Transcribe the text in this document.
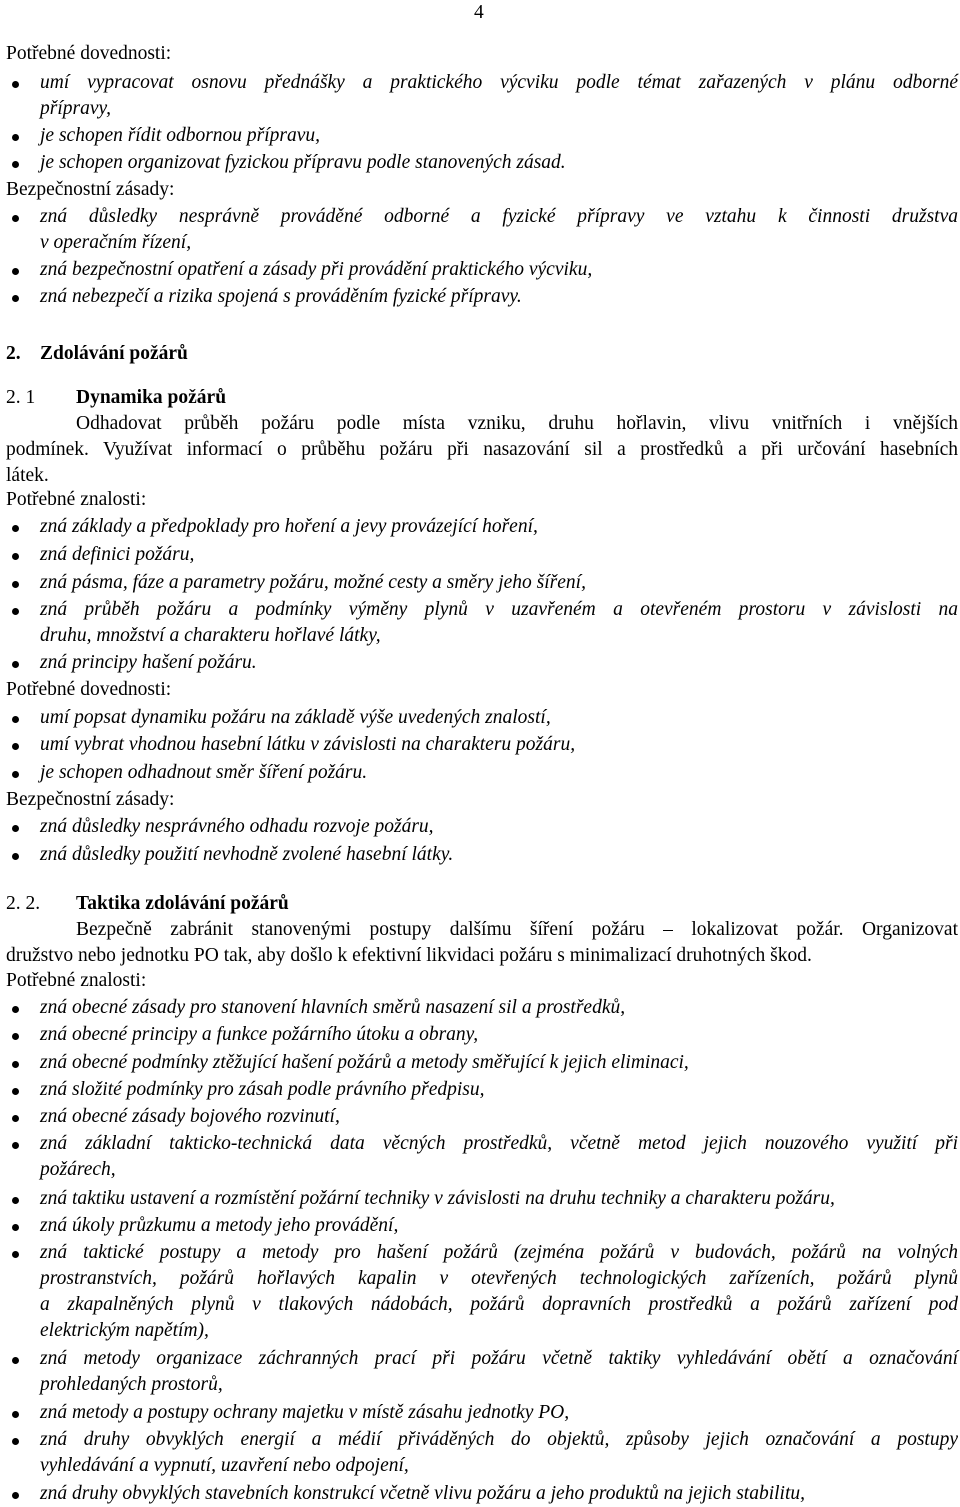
4
Potřebné dovednosti:
umí vypracovat osnovu přednášky a praktického výcviku podle témat zařazených v plánu odborné
přípravy,
je schopen řídit odbornou přípravu,
je schopen organizovat fyzickou přípravu podle stanovených zásad.
Bezpečnostní zásady:
zná důsledky nesprávně prováděné odborné a fyzické přípravy ve vztahu k činnosti družstva
v operačním řízení,
zná bezpečnostní opatření a zásady při provádění praktického výcviku,
zná nebezpečí a rizika spojená s prováděním fyzické přípravy.
2. Zdolávání požárů
2. 1 Dynamika požárů
Odhadovat průběh požáru podle místa vzniku, druhu hořlavin, vlivu vnitřních i vnějších
podmínek. Využívat informací o průběhu požáru při nasazování sil a prostředků a při určování hasebních
látek.
Potřebné znalosti:
zná základy a předpoklady pro hoření a jevy provázející hoření,
zná definici požáru,
zná pásma, fáze a parametry požáru, možné cesty a směry jeho šíření,
zná průběh požáru a podmínky výměny plynů v uzavřeném a otevřeném prostoru v závislosti na
druhu, množství a charakteru hořlavé látky,
zná principy hašení požáru.
Potřebné dovednosti:
umí popsat dynamiku požáru na základě výše uvedených znalostí,
umí vybrat vhodnou hasební látku v závislosti na charakteru požáru,
je schopen odhadnout směr šíření požáru.
Bezpečnostní zásady:
zná důsledky nesprávného odhadu rozvoje požáru,
zná důsledky použití nevhodně zvolené hasební látky.
2. 2. Taktika zdolávání požárů
Bezpečně zabránit stanovenými postupy dalšímu šíření požáru – lokalizovat požár. Organizovat
družstvo nebo jednotku PO tak, aby došlo k efektivní likvidaci požáru s minimalizací druhotných škod.
Potřebné znalosti:
zná obecné zásady pro stanovení hlavních směrů nasazení sil a prostředků,
zná obecné principy a funkce požárního útoku a obrany,
zná obecné podmínky ztěžující hašení požárů a metody směřující k jejich eliminaci,
zná složité podmínky pro zásah podle právního předpisu,
zná obecné zásady bojového rozvinutí,
zná základní takticko-technická data věcných prostředků, včetně metod jejich nouzového využití při
požárech,
zná taktiku ustavení a rozmístění požární techniky v závislosti na druhu techniky a charakteru požáru,
zná úkoly průzkumu a metody jeho provádění,
zná taktické postupy a metody pro hašení požárů (zejména požárů v budovách, požárů na volných
prostranstvích, požárů hořlavých kapalin v otevřených technologických zařízeních, požárů plynů
a zkapalněných plynů v tlakových nádobách, požárů dopravních prostředků a požárů zařízení pod
elektrickým napětím),
zná metody organizace záchranných prací při požáru včetně taktiky vyhledávání obětí a označování
prohledaných prostorů,
zná metody a postupy ochrany majetku v místě zásahu jednotky PO,
zná druhy obvyklých energií a médií přiváděných do objektů, způsoby jejich označování a postupy
vyhledávání a vypnutí, uzavření nebo odpojení,
zná druhy obvyklých stavebních konstrukcí včetně vlivu požáru a jeho produktů na jejich stabilitu,
